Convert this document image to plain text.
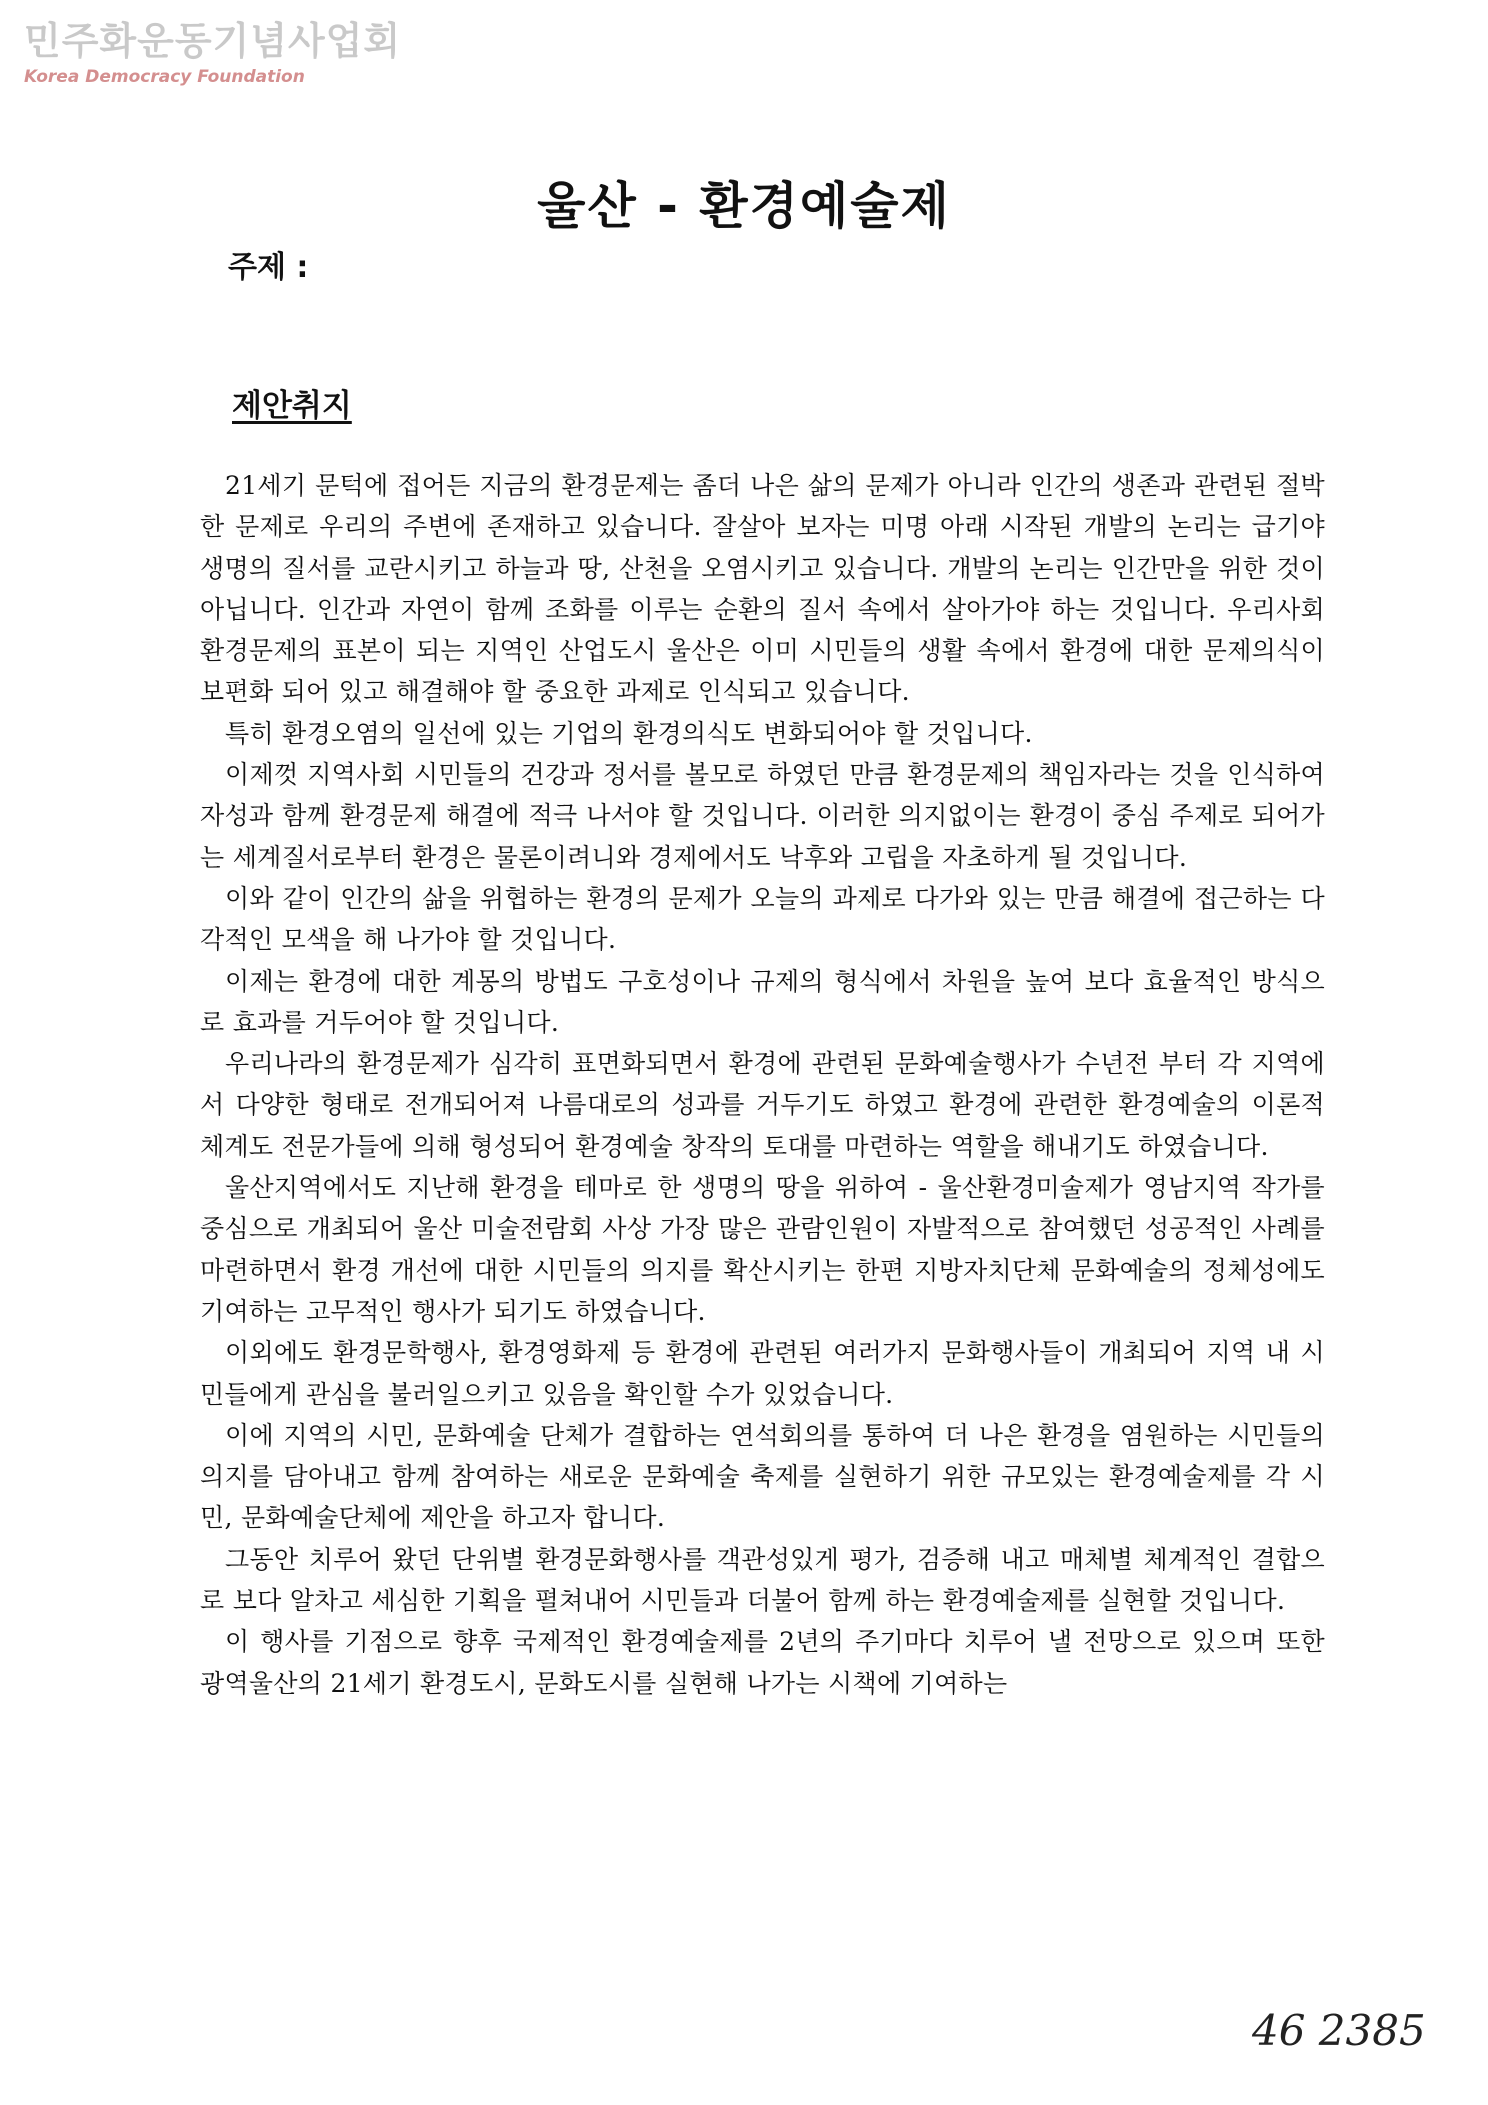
민주화운동기념사업회
Korea Democracy Foundation
울산 - 환경예술제
주제 :
제안취지

21세기 문턱에 접어든 지금의 환경문제는 좀더 나은 삶의 문제가 아니라 인간의 생존과 관련된 절박한 문제로 우리의 주변에 존재하고 있습니다. 잘살아 보자는 미명 아래 시작된 개발의 논리는 급기야 생명의 질서를 교란시키고 하늘과 땅, 산천을 오염시키고 있습니다. 개발의 논리는 인간만을 위한 것이 아닙니다. 인간과 자연이 함께 조화를 이루는 순환의 질서 속에서 살아가야 하는 것입니다. 우리사회 환경문제의 표본이 되는 지역인 산업도시 울산은 이미 시민들의 생활 속에서 환경에 대한 문제의식이 보편화 되어 있고 해결해야 할 중요한 과제로 인식되고 있습니다.

특히 환경오염의 일선에 있는 기업의 환경의식도 변화되어야 할 것입니다.

이제껏 지역사회 시민들의 건강과 정서를 볼모로 하였던 만큼 환경문제의 책임자라는 것을 인식하여 자성과 함께 환경문제 해결에 적극 나서야 할 것입니다. 이러한 의지없이는 환경이 중심 주제로 되어가는 세계질서로부터 환경은 물론이려니와 경제에서도 낙후와 고립을 자초하게 될 것입니다.

이와 같이 인간의 삶을 위협하는 환경의 문제가 오늘의 과제로 다가와 있는 만큼 해결에 접근하는 다각적인 모색을 해 나가야 할 것입니다.

이제는 환경에 대한 계몽의 방법도 구호성이나 규제의 형식에서 차원을 높여 보다 효율적인 방식으로 효과를 거두어야 할 것입니다.

우리나라의 환경문제가 심각히 표면화되면서 환경에 관련된 문화예술행사가 수년전 부터 각 지역에서 다양한 형태로 전개되어져 나름대로의 성과를 거두기도 하였고 환경에 관련한 환경예술의 이론적 체계도 전문가들에 의해 형성되어 환경예술 창작의 토대를 마련하는 역할을 해내기도 하였습니다.

울산지역에서도 지난해 환경을 테마로 한 생명의 땅을 위하여 - 울산환경미술제가 영남지역 작가를 중심으로 개최되어 울산 미술전람회 사상 가장 많은 관람인원이 자발적으로 참여했던 성공적인 사례를 마련하면서 환경 개선에 대한 시민들의 의지를 확산시키는 한편 지방자치단체 문화예술의 정체성에도 기여하는 고무적인 행사가 되기도 하였습니다.

이외에도 환경문학행사, 환경영화제 등 환경에 관련된 여러가지 문화행사들이 개최되어 지역 내 시민들에게 관심을 불러일으키고 있음을 확인할 수가 있었습니다.

이에 지역의 시민, 문화예술 단체가 결합하는 연석회의를 통하여 더 나은 환경을 염원하는 시민들의 의지를 담아내고 함께 참여하는 새로운 문화예술 축제를 실현하기 위한 규모있는 환경예술제를 각 시민, 문화예술단체에 제안을 하고자 합니다.

그동안 치루어 왔던 단위별 환경문화행사를 객관성있게 평가, 검증해 내고 매체별 체계적인 결합으로 보다 알차고 세심한 기획을 펼쳐내어 시민들과 더불어 함께 하는 환경예술제를 실현할 것입니다.

이 행사를 기점으로 향후 국제적인 환경예술제를 2년의 주기마다 치루어 낼 전망으로 있으며 또한 광역울산의 21세기 환경도시, 문화도시를 실현해 나가는 시책에 기여하는

46 2385
